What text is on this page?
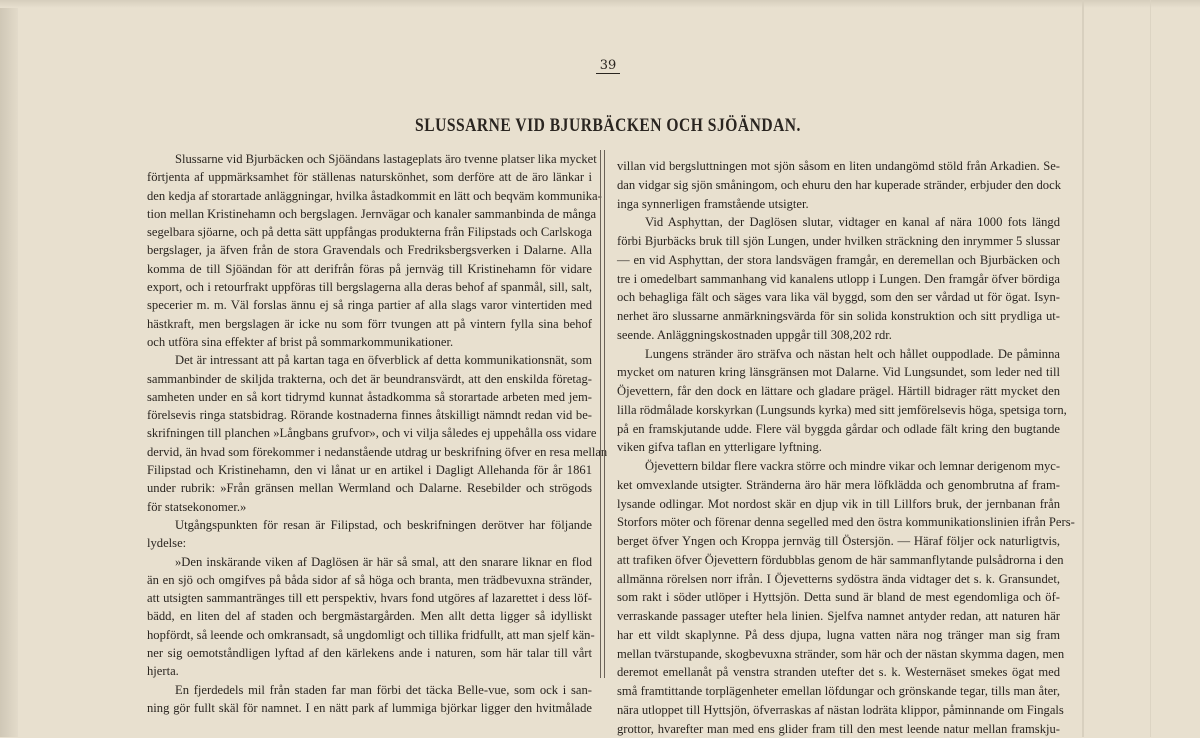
39
SLUSSARNE VID BJURBÄCKEN OCH SJÖÄNDAN.
Slussarne vid Bjurbäcken och Sjöändans lastageplats äro tvenne platser lika mycket
förtjenta af uppmärksamhet för ställenas naturskönhet, som derföre att de äro länkar i
den kedja af storartade anläggningar, hvilka åstadkommit en lätt och beqväm kommunika-
tion mellan Kristinehamn och bergslagen. Jernvägar och kanaler sammanbinda de många
segelbara sjöarne, och på detta sätt uppfångas produkterna från Filipstads och Carlskoga
bergslager, ja äfven från de stora Gravendals och Fredriksbergsverken i Dalarne. Alla
komma de till Sjöändan för att derifrån föras på jernväg till Kristinehamn för vidare
export, och i retourfrakt uppföras till bergslagerna alla deras behof af spanmål, sill, salt,
specerier m. m. Väl forslas ännu ej så ringa partier af alla slags varor vintertiden med
hästkraft, men bergslagen är icke nu som förr tvungen att på vintern fylla sina behof
och utföra sina effekter af brist på sommarkommunikationer.
Det är intressant att på kartan taga en öfverblick af detta kommunikationsnät, som
sammanbinder de skiljda trakterna, och det är beundransvärdt, att den enskilda företag-
samheten under en så kort tidrymd kunnat åstadkomma så storartade arbeten med jem-
förelsevis ringa statsbidrag. Rörande kostnaderna finnes åtskilligt nämndt redan vid be-
skrifningen till planchen »Långbans grufvor», och vi vilja således ej uppehålla oss vidare
dervid, än hvad som förekommer i nedanstående utdrag ur beskrifning öfver en resa mellan
Filipstad och Kristinehamn, den vi lånat ur en artikel i Dagligt Allehanda för år 1861
under rubrik: »Från gränsen mellan Wermland och Dalarne. Resebilder och strögods
för statsekonomer.»
Utgångspunkten för resan är Filipstad, och beskrifningen derötver har följande
lydelse:
»Den inskärande viken af Daglösen är här så smal, att den snarare liknar en flod
än en sjö och omgifves på båda sidor af så höga och branta, men trädbevuxna stränder,
att utsigten sammantränges till ett perspektiv, hvars fond utgöres af lazarettet i dess löf-
bädd, en liten del af staden och bergmästargården. Men allt detta ligger så idylliskt
hopfördt, så leende och omkransadt, så ungdomligt och tillika fridfullt, att man sjelf kän-
ner sig oemotståndligen lyftad af den kärlekens ande i naturen, som här talar till vårt
hjerta.
En fjerdedels mil från staden far man förbi det täcka Belle-vue, som ock i san-
ning gör fullt skäl för namnet. I en nätt park af lummiga björkar ligger den hvitmålade
villan vid bergsluttningen mot sjön såsom en liten undangömd stöld från Arkadien. Se-
dan vidgar sig sjön småningom, och ehuru den har kuperade stränder, erbjuder den dock
inga synnerligen framstående utsigter.
Vid Asphyttan, der Daglösen slutar, vidtager en kanal af nära 1000 fots längd
förbi Bjurbäcks bruk till sjön Lungen, under hvilken sträckning den inrymmer 5 slussar
— en vid Asphyttan, der stora landsvägen framgår, en deremellan och Bjurbäcken och
tre i omedelbart sammanhang vid kanalens utlopp i Lungen. Den framgår öfver bördiga
och behagliga fält och säges vara lika väl byggd, som den ser vårdad ut för ögat. Isyn-
nerhet äro slussarne anmärkningsvärda för sin solida konstruktion och sitt prydliga ut-
seende. Anläggningskostnaden uppgår till 308,202 rdr.
Lungens stränder äro sträfva och nästan helt och hållet ouppodlade. De påminna
mycket om naturen kring länsgränsen mot Dalarne. Vid Lungsundet, som leder ned till
Öjevettern, får den dock en lättare och gladare prägel. Härtill bidrager rätt mycket den
lilla rödmålade korskyrkan (Lungsunds kyrka) med sitt jemförelsevis höga, spetsiga torn,
på en framskjutande udde. Flere väl byggda gårdar och odlade fält kring den bugtande
viken gifva taflan en ytterligare lyftning.
Öjevettern bildar flere vackra större och mindre vikar och lemnar derigenom myc-
ket omvexlande utsigter. Stränderna äro här mera löfklädda och genombrutna af fram-
lysande odlingar. Mot nordost skär en djup vik in till Lillfors bruk, der jernbanan från
Storfors möter och förenar denna segelled med den östra kommunikationslinien ifrån Pers-
berget öfver Yngen och Kroppa jernväg till Östersjön. — Häraf följer ock naturligtvis,
att trafiken öfver Öjevettern fördubblas genom de här sammanflytande pulsådrorna i den
allmänna rörelsen norr ifrån. I Öjevetterns sydöstra ända vidtager det s. k. Gransundet,
som rakt i söder utlöper i Hyttsjön. Detta sund är bland de mest egendomliga och öf-
verraskande passager utefter hela linien. Sjelfva namnet antyder redan, att naturen här
har ett vildt skaplynne. På dess djupa, lugna vatten nära nog tränger man sig fram
mellan tvärstupande, skogbevuxna stränder, som här och der nästan skymma dagen, men
deremot emellanåt på venstra stranden utefter det s. k. Westernäset smekes ögat med
små framtittande torplägenheter emellan löfdungar och grönskande tegar, tills man åter,
nära utloppet till Hyttsjön, öfverraskas af nästan lodräta klippor, påminnande om Fingals
grottor, hvarefter man med ens glider fram till den mest leende natur mellan framskju-
